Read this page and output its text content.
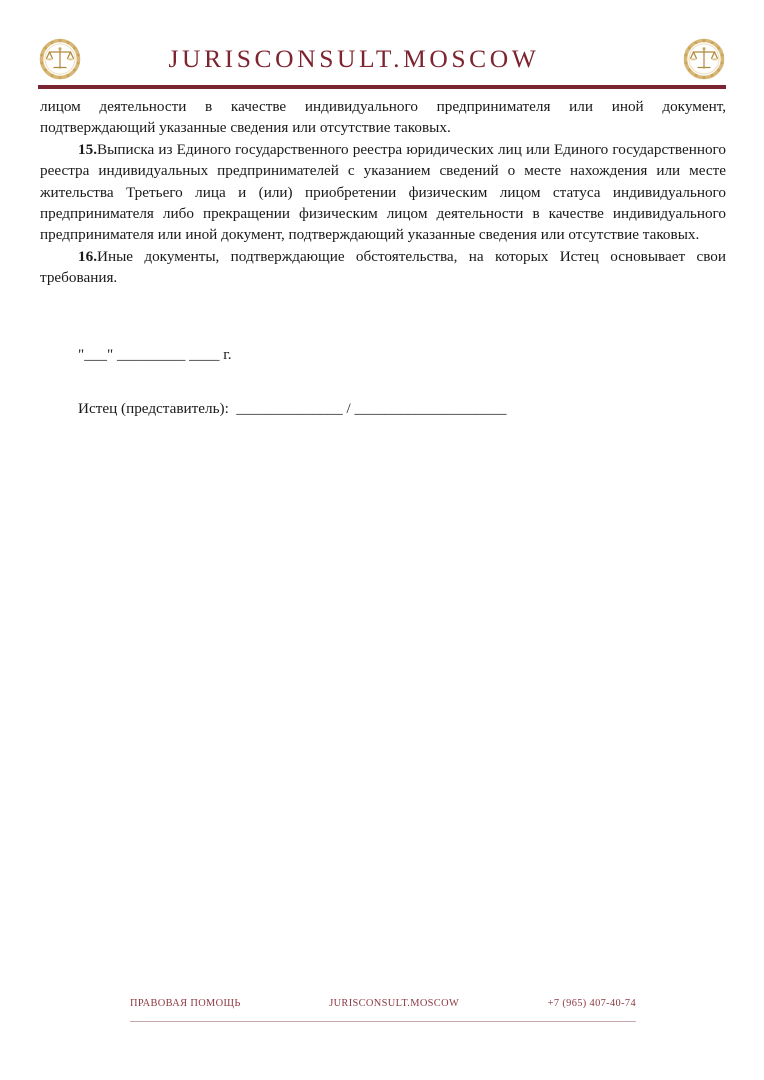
JURISCONSULT.MOSCOW

лицом деятельности в качестве индивидуального предпринимателя или иной документ, подтверждающий указанные сведения или отсутствие таковых.

15.Выписка из Единого государственного реестра юридических лиц или Единого государственного реестра индивидуальных предпринимателей с указанием сведений о месте нахождения или месте жительства Третьего лица и (или) приобретении физическим лицом статуса индивидуального предпринимателя либо прекращении физическим лицом деятельности в качестве индивидуального предпринимателя или иной документ, подтверждающий указанные сведения или отсутствие таковых.

16.Иные документы, подтверждающие обстоятельства, на которых Истец основывает свои требования.

"___" _________ ____ г.
Истец (представитель):  ______________ / ____________________
ПРАВОВАЯ ПОМОЩЬ	JURISCONSULT.MOSCOW	+7 (965) 407-40-74
